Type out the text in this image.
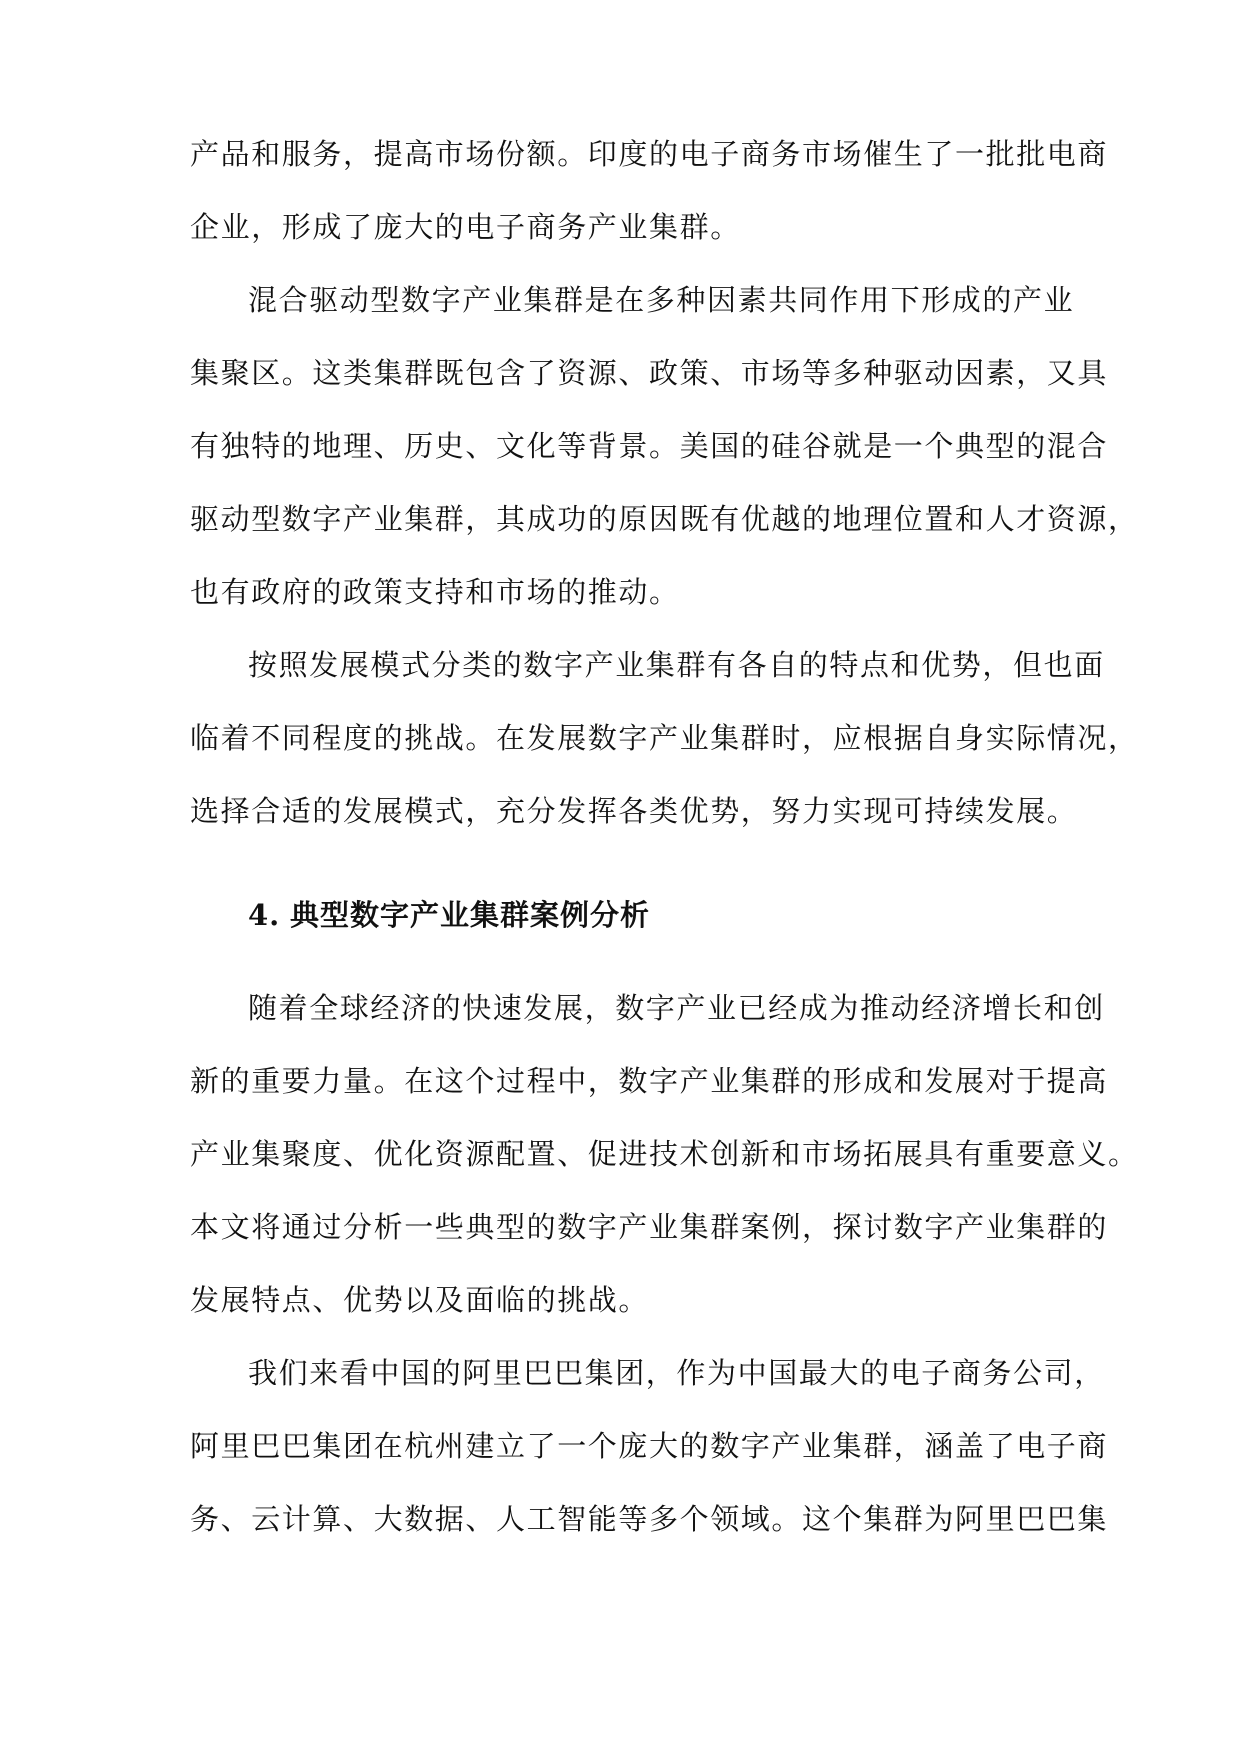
产品和服务，提高市场份额。印度的电子商务市场催生了一批批电商
企业，形成了庞大的电子商务产业集群。
混合驱动型数字产业集群是在多种因素共同作用下形成的产业
集聚区。这类集群既包含了资源、政策、市场等多种驱动因素，又具
有独特的地理、历史、文化等背景。美国的硅谷就是一个典型的混合
驱动型数字产业集群，其成功的原因既有优越的地理位置和人才资源，
也有政府的政策支持和市场的推动。
按照发展模式分类的数字产业集群有各自的特点和优势，但也面
临着不同程度的挑战。在发展数字产业集群时，应根据自身实际情况，
选择合适的发展模式，充分发挥各类优势，努力实现可持续发展。
4. 典型数字产业集群案例分析
随着全球经济的快速发展，数字产业已经成为推动经济增长和创
新的重要力量。在这个过程中，数字产业集群的形成和发展对于提高
产业集聚度、优化资源配置、促进技术创新和市场拓展具有重要意义。
本文将通过分析一些典型的数字产业集群案例，探讨数字产业集群的
发展特点、优势以及面临的挑战。
我们来看中国的阿里巴巴集团，作为中国最大的电子商务公司，
阿里巴巴集团在杭州建立了一个庞大的数字产业集群，涵盖了电子商
务、云计算、大数据、人工智能等多个领域。这个集群为阿里巴巴集
